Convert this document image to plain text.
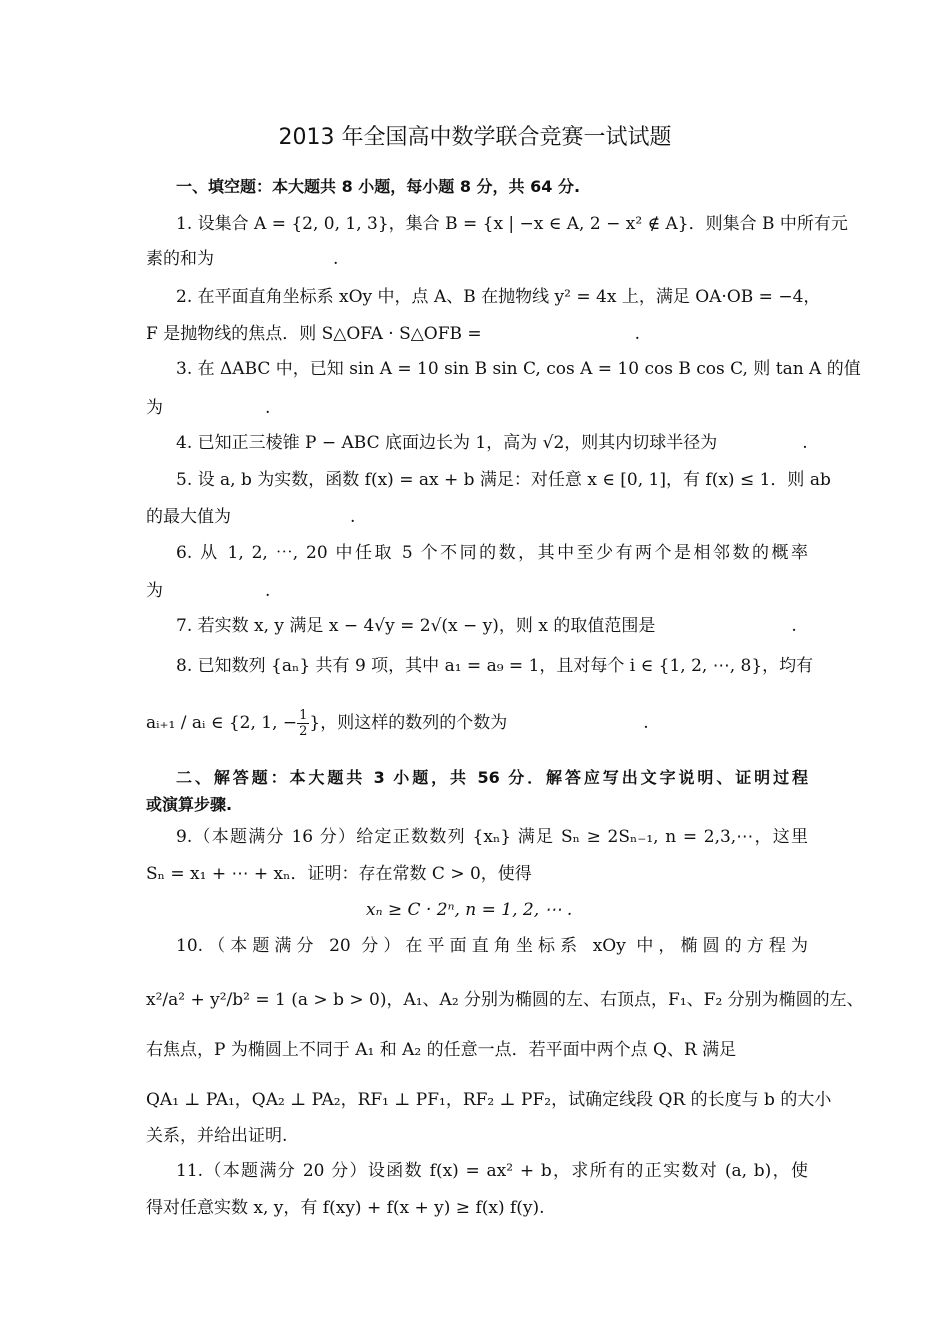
2013 年全国高中数学联合竞赛一试试题
一、填空题：本大题共 8 小题，每小题 8 分，共 64 分.
1. 设集合 A = {2, 0, 1, 3}，集合 B = {x | −x ∈ A, 2 − x² ∉ A}．则集合 B 中所有元
素的和为　　　　　　　.
2. 在平面直角坐标系 xOy 中，点 A、B 在抛物线 y² = 4x 上，满足 OA·OB = −4，
F 是抛物线的焦点．则 S△OFA · S△OFB =　　　　　　　　　.
3. 在 ΔABC 中，已知 sin A = 10 sin B sin C, cos A = 10 cos B cos C, 则 tan A 的值
为　　　　　　.
4. 已知正三棱锥 P − ABC 底面边长为 1，高为 √2，则其内切球半径为　　　　　.
5. 设 a, b 为实数，函数 f(x) = ax + b 满足：对任意 x ∈ [0, 1]，有 f(x) ≤ 1．则 ab
的最大值为　　　　　　　.
6. 从 1, 2, ⋯, 20 中任取 5 个不同的数，其中至少有两个是相邻数的概率
为　　　　　　.
7. 若实数 x, y 满足 x − 4√y = 2√(x − y)，则 x 的取值范围是　　　　　　　　.
8. 已知数列 {aₙ} 共有 9 项，其中 a₁ = a₉ = 1，且对每个 i ∈ {1, 2, ⋯, 8}，均有
aᵢ₊₁ / aᵢ ∈ {2, 1, − $\frac{1}{2}$ }，则这样的数列的个数为　　　　　　　　.
二、解答题：本大题共 3 小题，共 56 分．解答应写出文字说明、证明过程
或演算步骤.
9.（本题满分 16 分）给定正数数列 {xₙ} 满足 Sₙ ≥ 2Sₙ₋₁, n = 2,3,⋯，这里
Sₙ = x₁ + ⋯ + xₙ．证明：存在常数 C > 0，使得
xₙ ≥ C · 2ⁿ, n = 1, 2, ⋯ .
10.（本题满分 20 分）在平面直角坐标系 xOy 中，椭圆的方程为
x²/a² + y²/b² = 1 (a > b > 0)，A₁、A₂ 分别为椭圆的左、右顶点，F₁、F₂ 分别为椭圆的左、
右焦点，P 为椭圆上不同于 A₁ 和 A₂ 的任意一点．若平面中两个点 Q、R 满足
QA₁ ⊥ PA₁，QA₂ ⊥ PA₂，RF₁ ⊥ PF₁，RF₂ ⊥ PF₂，试确定线段 QR 的长度与 b 的大小
关系，并给出证明.
11.（本题满分 20 分）设函数 f(x) = ax² + b，求所有的正实数对 (a, b)，使
得对任意实数 x, y，有 f(xy) + f(x + y) ≥ f(x) f(y).
